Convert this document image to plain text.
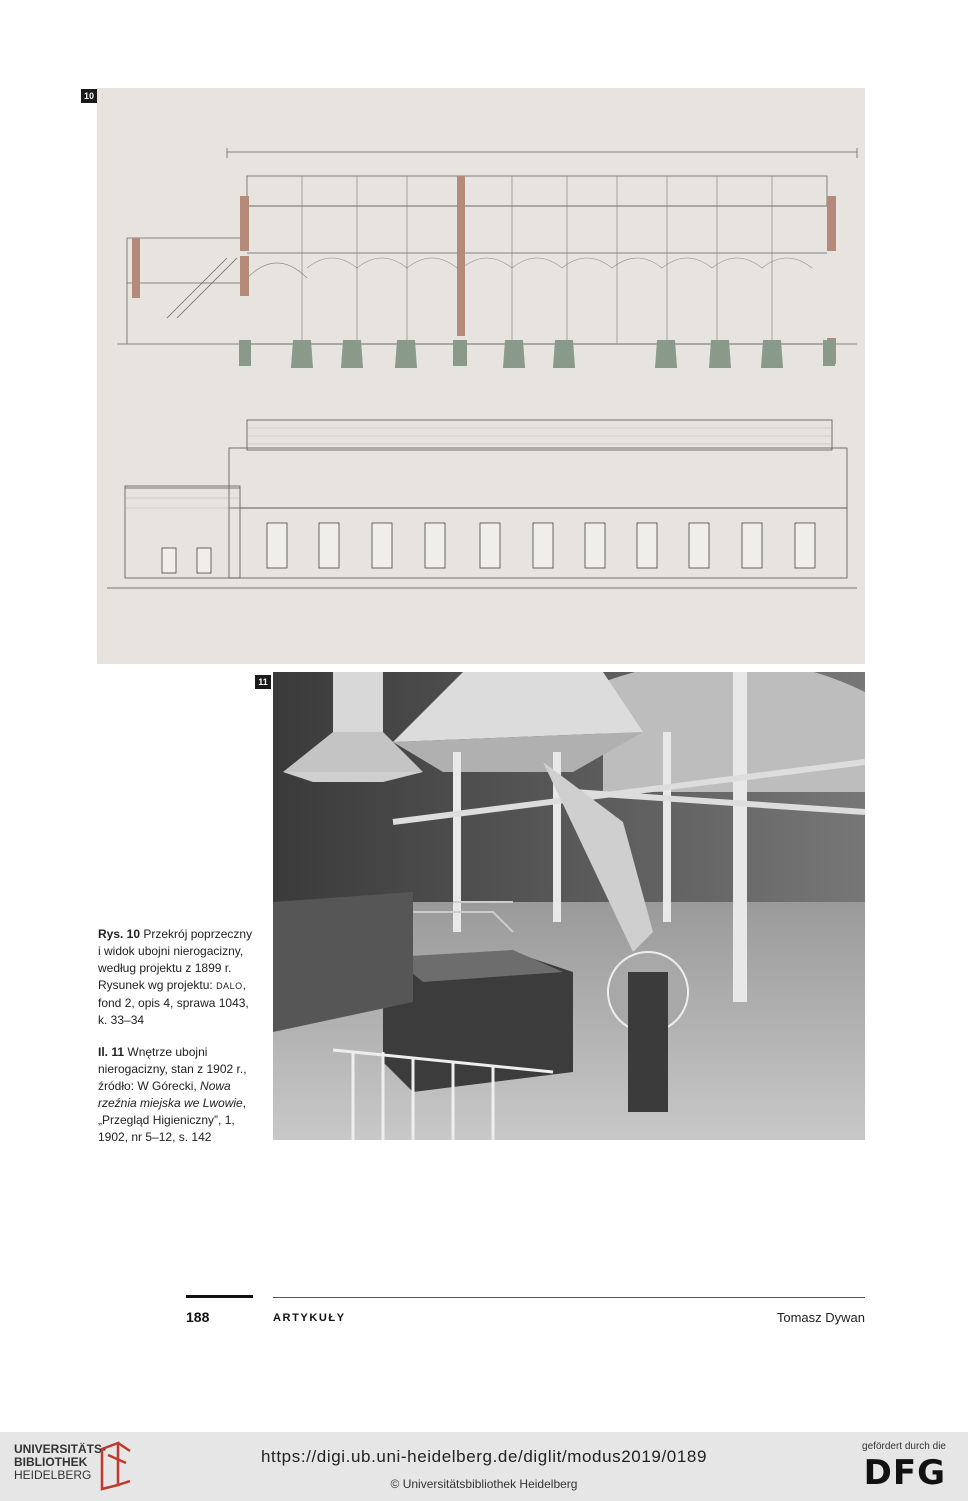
10
11
Rys. 10 Przekrój poprzeczny i widok ubojni nierogacizny, według projektu z 1899 r. Rysunek wg projektu: DALO, fond 2, opis 4, sprawa 1043, k. 33–34
Il. 11 Wnętrze ubojni nierogacizny, stan z 1902 r., źródło: W Górecki, Nowa rzeźnia miejska we Lwowie, „Przegląd Higieniczny”, 1, 1902, nr 5–12, s. 142
188	ARTYKUŁY	Tomasz Dywan
UNIVERSITÄTS-
BIBLIOTHEK
HEIDELBERG
https://digi.ub.uni-heidelberg.de/diglit/modus2019/0189
© Universitätsbibliothek Heidelberg
gefördert durch die
DFG
